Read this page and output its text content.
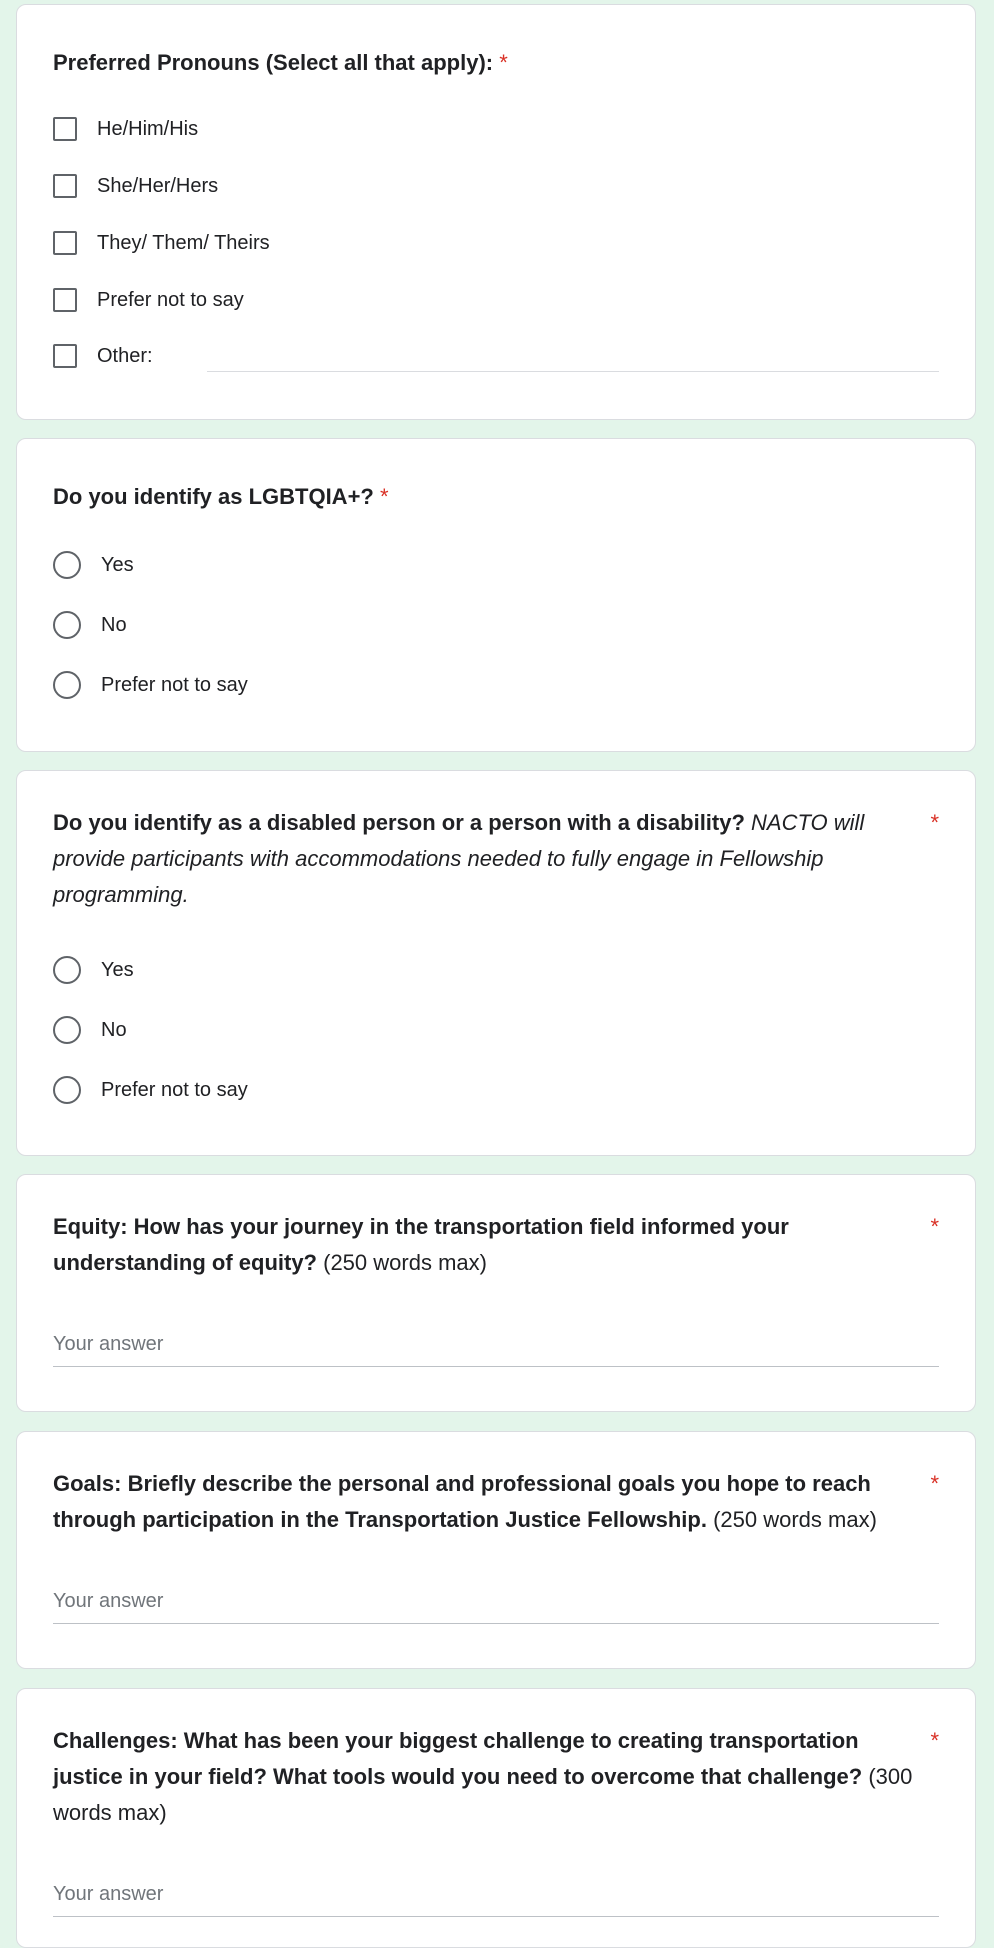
Preferred Pronouns (Select all that apply): *
He/Him/His
She/Her/Hers
They/ Them/ Theirs
Prefer not to say
Other:
Do you identify as LGBTQIA+? *
Yes
No
Prefer not to say
Do you identify as a disabled person or a person with a disability? NACTO will provide participants with accommodations needed to fully engage in Fellowship programming.
*
Yes
No
Prefer not to say
Equity: How has your journey in the transportation field informed your understanding of equity? (250 words max)
*
Your answer
Goals: Briefly describe the personal and professional goals you hope to reach through participation in the Transportation Justice Fellowship. (250 words max)
*
Your answer
Challenges: What has been your biggest challenge to creating transportation justice in your field? What tools would you need to overcome that challenge? (300 words max)
*
Your answer
